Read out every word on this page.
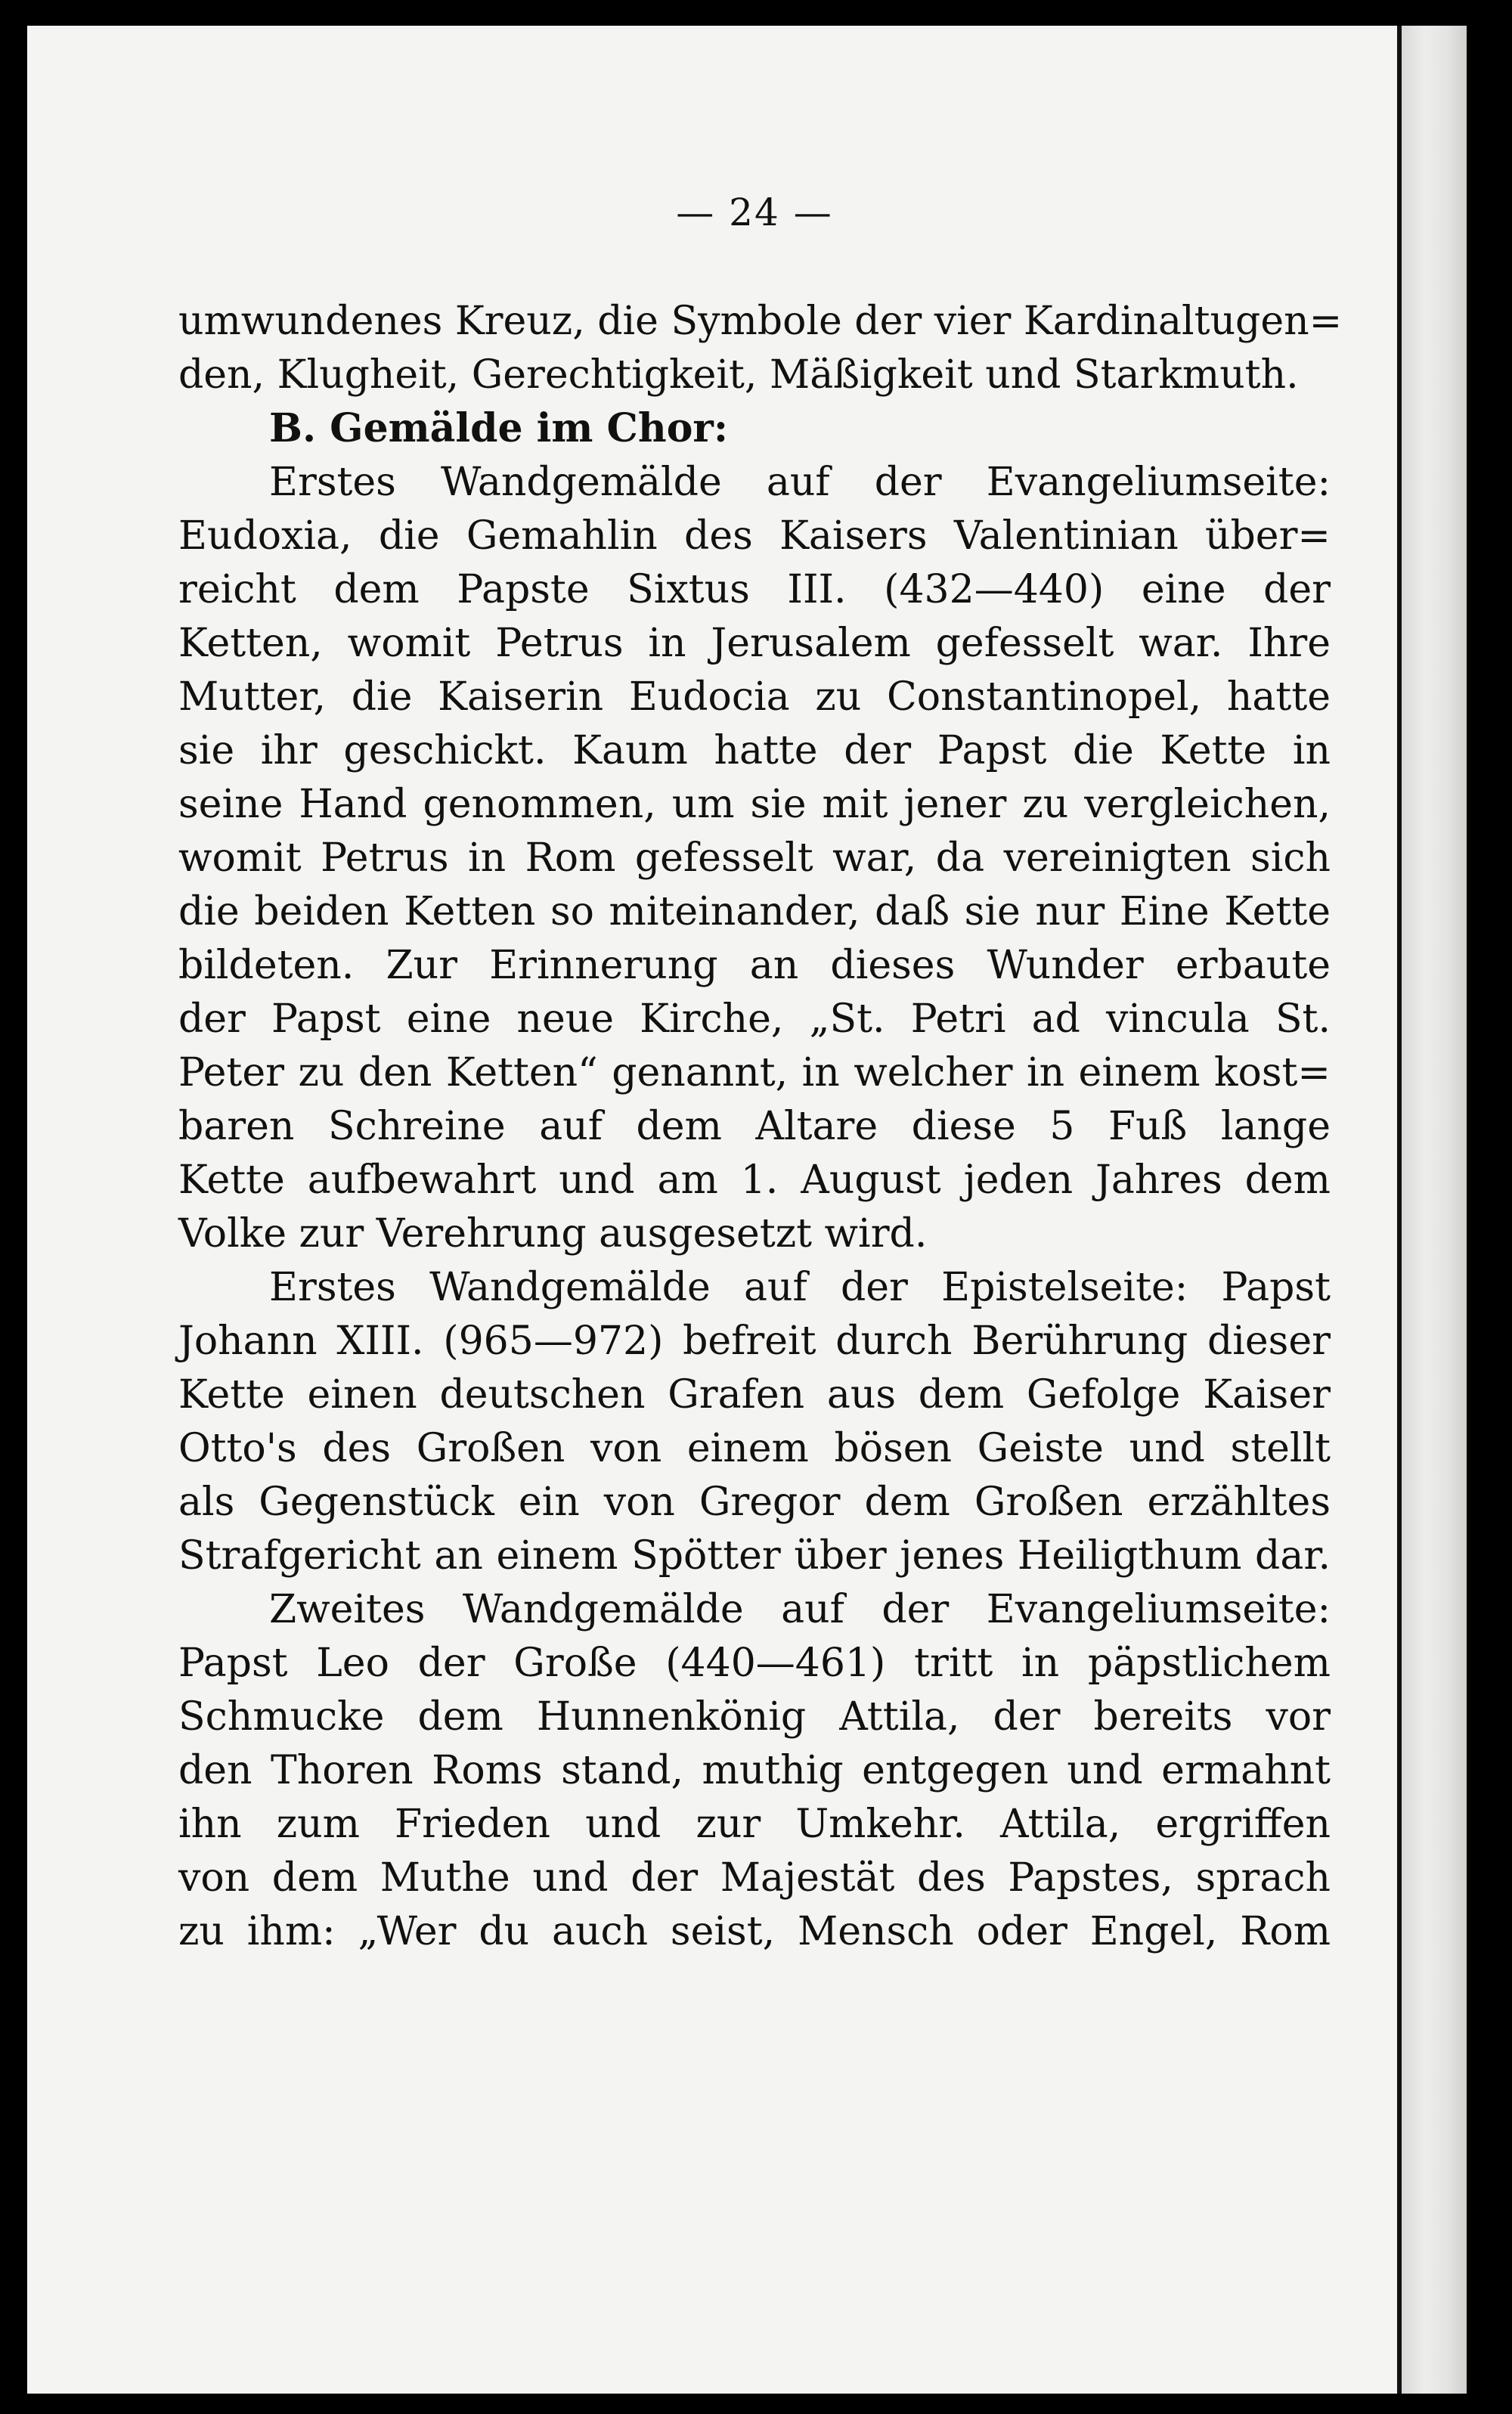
— 24 —
umwundenes Kreuz, die Symbole der vier Kardinaltugen=
den, Klugheit, Gerechtigkeit, Mäßigkeit und Starkmuth.
B. Gemälde im Chor:
Erstes Wandgemälde auf der Evangeliumseite:
Eudoxia, die Gemahlin des Kaisers Valentinian über=
reicht dem Papste Sixtus III. (432—440) eine der
Ketten, womit Petrus in Jerusalem gefesselt war. Ihre
Mutter, die Kaiserin Eudocia zu Constantinopel, hatte
sie ihr geschickt. Kaum hatte der Papst die Kette in
seine Hand genommen, um sie mit jener zu vergleichen,
womit Petrus in Rom gefesselt war, da vereinigten sich
die beiden Ketten so miteinander, daß sie nur Eine Kette
bildeten. Zur Erinnerung an dieses Wunder erbaute
der Papst eine neue Kirche, „St. Petri ad vincula St.
Peter zu den Ketten“ genannt, in welcher in einem kost=
baren Schreine auf dem Altare diese 5 Fuß lange
Kette aufbewahrt und am 1. August jeden Jahres dem
Volke zur Verehrung ausgesetzt wird.
Erstes Wandgemälde auf der Epistelseite: Papst
Johann XIII. (965—972) befreit durch Berührung dieser
Kette einen deutschen Grafen aus dem Gefolge Kaiser
Otto's des Großen von einem bösen Geiste und stellt
als Gegenstück ein von Gregor dem Großen erzähltes
Strafgericht an einem Spötter über jenes Heiligthum dar.
Zweites Wandgemälde auf der Evangeliumseite:
Papst Leo der Große (440—461) tritt in päpstlichem
Schmucke dem Hunnenkönig Attila, der bereits vor
den Thoren Roms stand, muthig entgegen und ermahnt
ihn zum Frieden und zur Umkehr. Attila, ergriffen
von dem Muthe und der Majestät des Papstes, sprach
zu ihm: „Wer du auch seist, Mensch oder Engel, Rom
